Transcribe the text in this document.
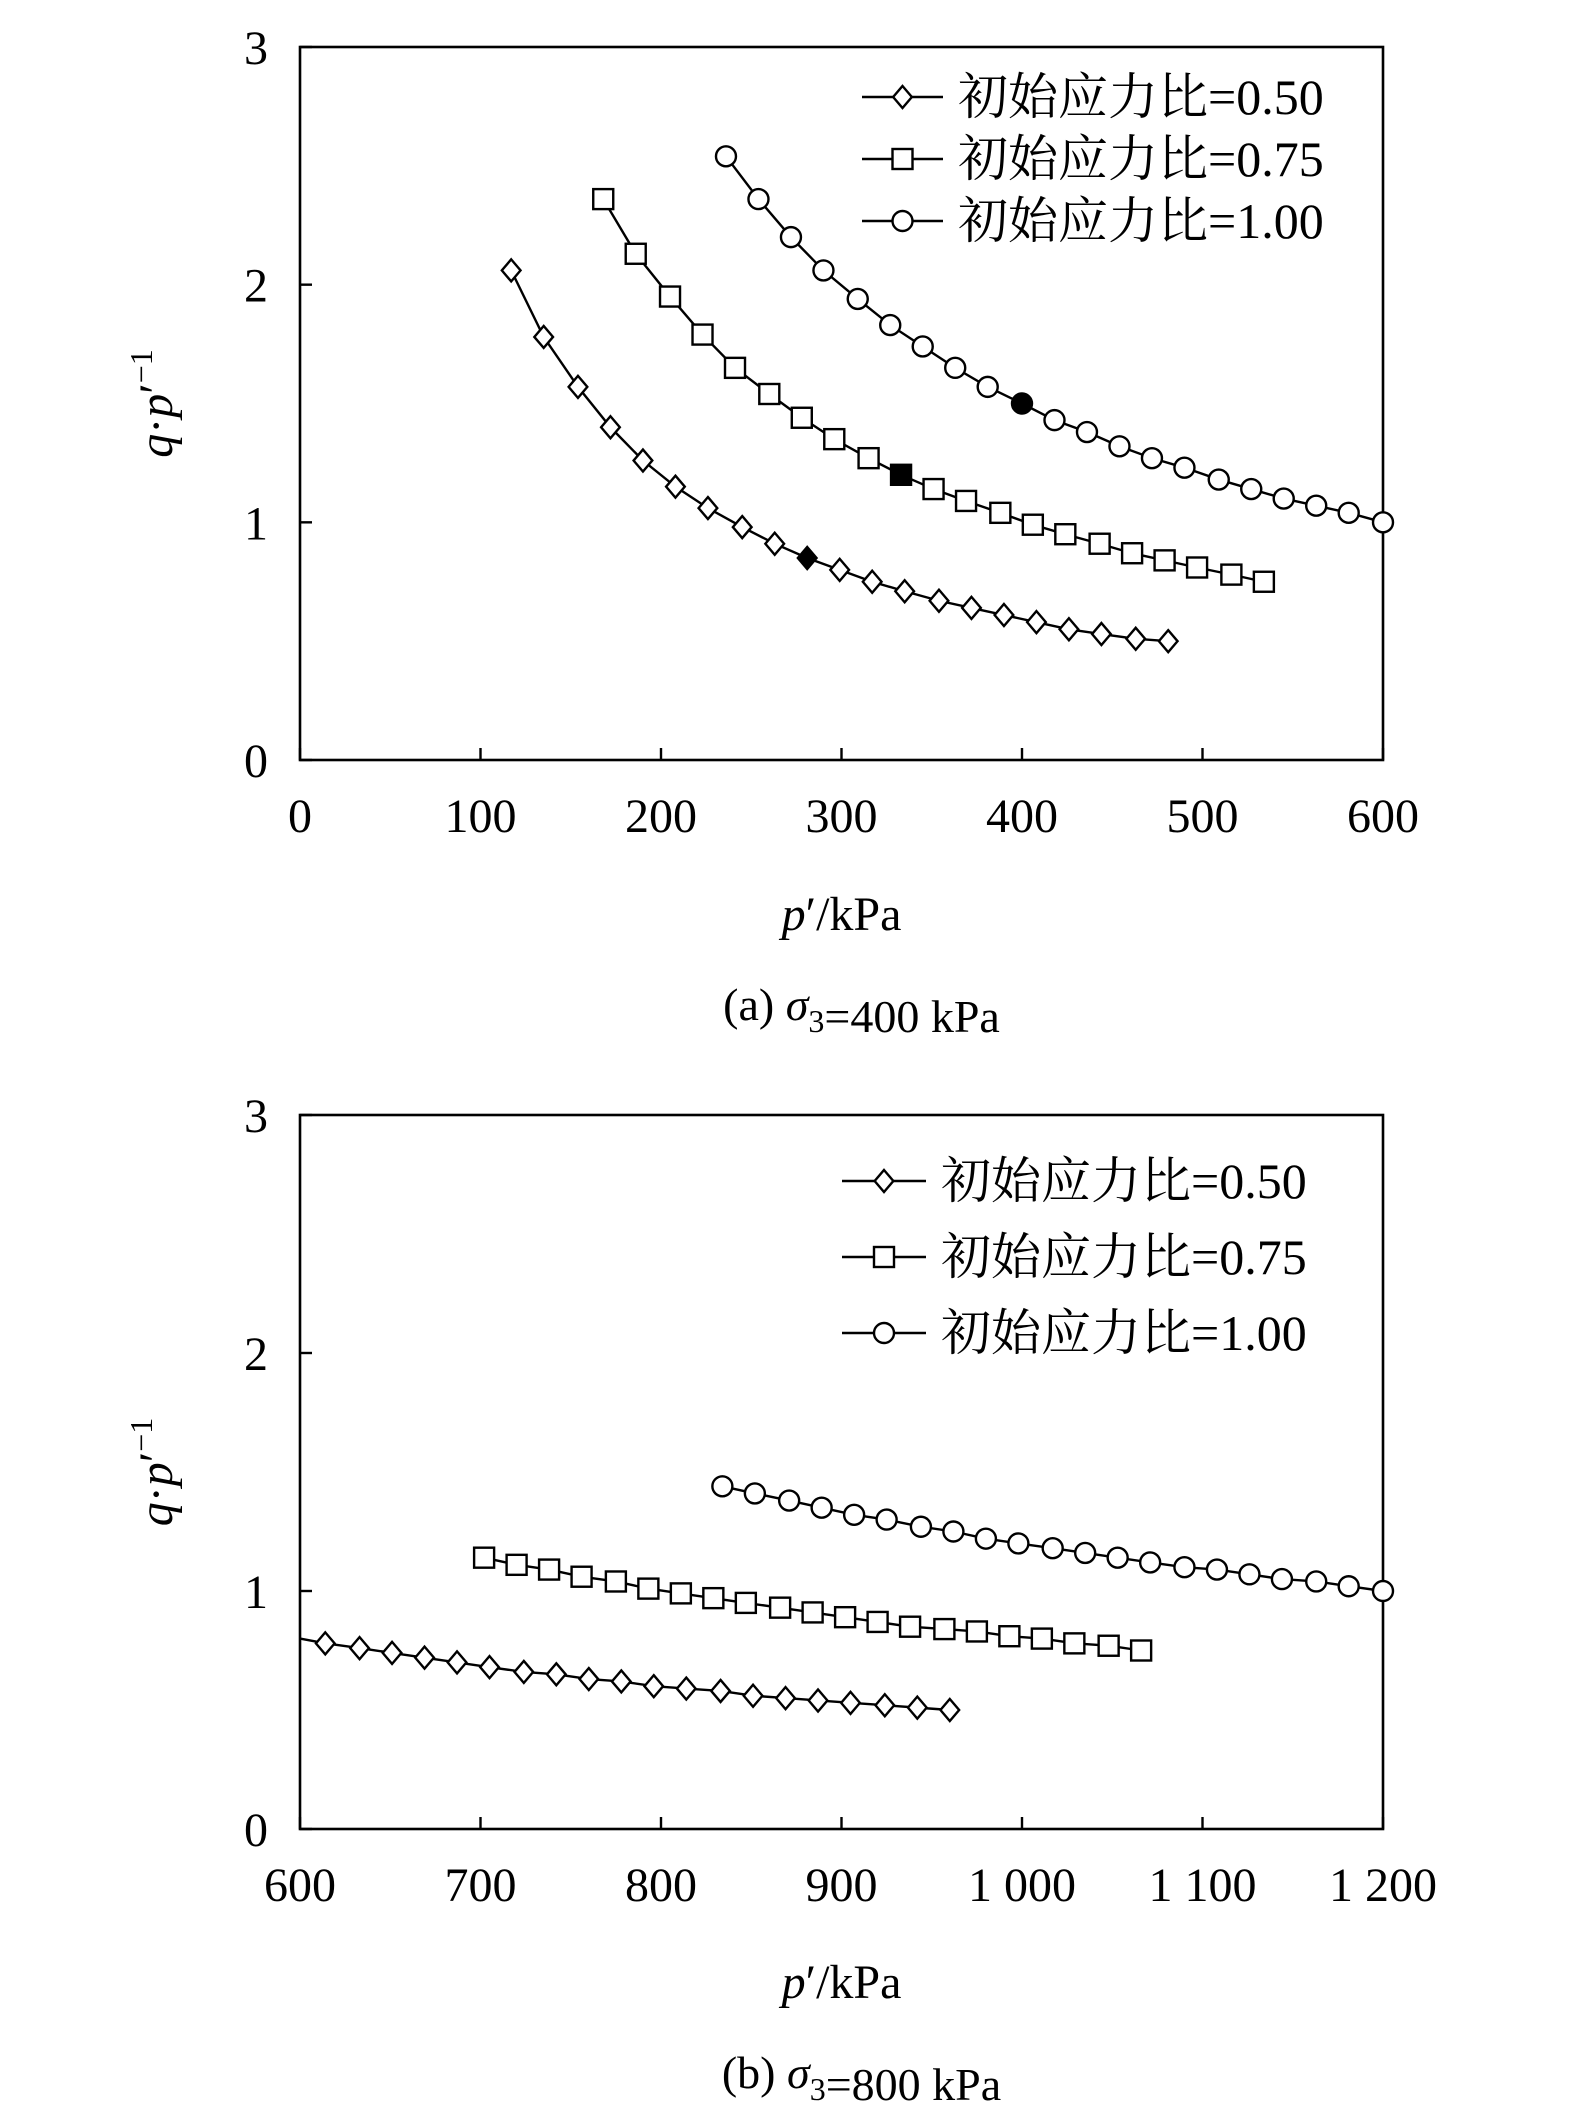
0	100 200 300 400 500 600
0
1
2
3
p′/kPa
$q\cdot p'^{-1}$
(a) $\sigma_3=400$ kPa
初始应力比=0.50
初始应力比=0.75
初始应力比=1.00
600 700 800 900 1 000 1 100 1 200
0
1
2
3
p′/kPa
$q\cdot p'^{-1}$
(b) $\sigma_3=800$ kPa
初始应力比=0.50
初始应力比=0.75
初始应力比=1.00
